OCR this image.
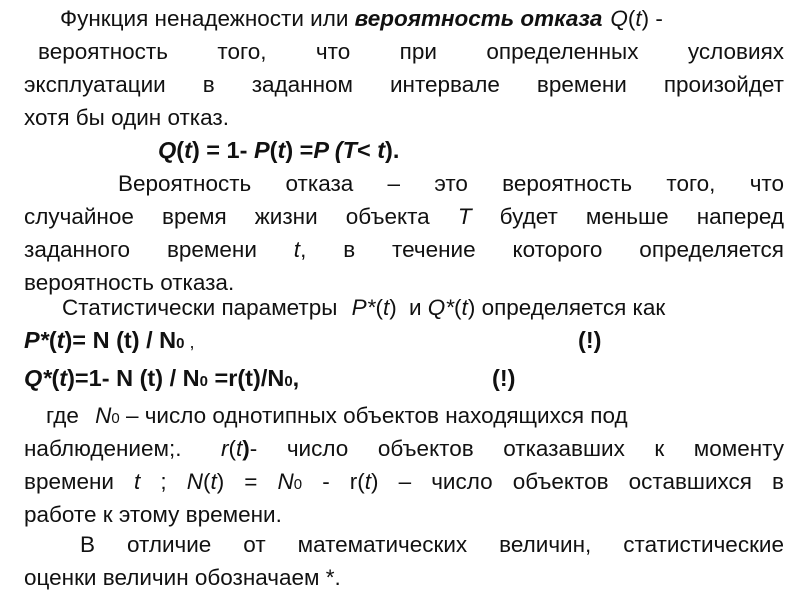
Функция ненадежности или вероятность отказа Q(t) -
вероятность того, что при определенных условиях
эксплуатации в заданном интервале времени произойдет
хотя бы один отказ.
Q(t) = 1- P(t) =P (T< t).
Вероятность отказа – это вероятность того, что
случайное время жизни объекта T будет меньше наперед
заданного времени t, в течение которого определяется
вероятность отказа.
Статистически параметры P*(t) и Q*(t) определяется как
P*(t)= N (t) / N0 ,	(!)
Q*(t)=1- N (t) / N0 =r(t)/N0,	(!)
где N0 – число однотипных объектов находящихся под
наблюдением;. r(t)- число объектов отказавших к моменту
времени t ; N(t) = N0 - r(t) – число объектов оставшихся в
работе к этому времени.
В отличие от математических величин, статистические
оценки величин обозначаем *.
